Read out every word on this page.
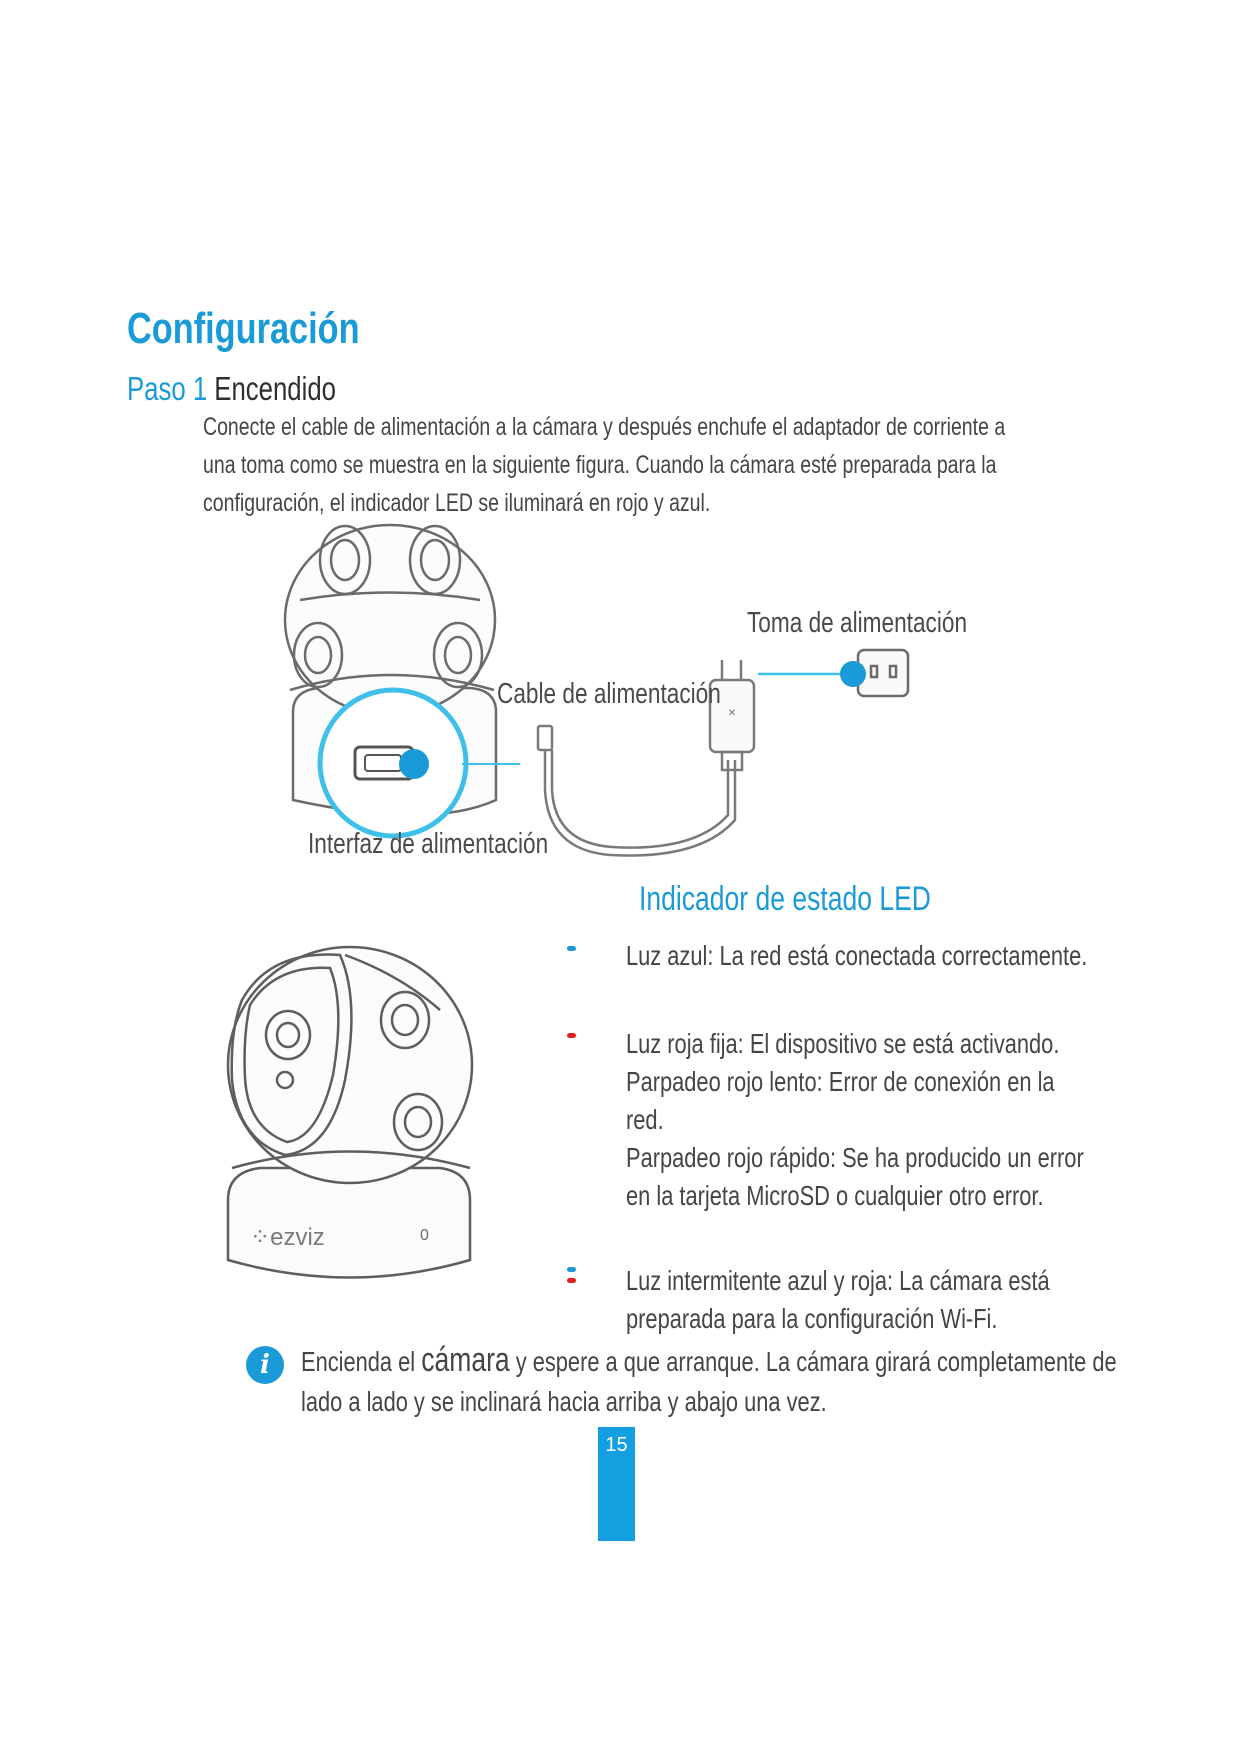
Configuración
Paso 1 Encendido
Conecte el cable de alimentación a la cámara y después enchufe el adaptador de corriente a
una toma como se muestra en la siguiente figura. Cuando la cámara esté preparada para la
configuración, el indicador LED se iluminará en rojo y azul.
✕
Toma de alimentación
Cable de alimentación
Interfaz de alimentación
⁘ezviz	0
Indicador de estado LED
Luz azul: La red está conectada correctamente.
Luz roja fija: El dispositivo se está activando.
Parpadeo rojo lento: Error de conexión en la
red.
Parpadeo rojo rápido: Se ha producido un error
en la tarjeta MicroSD o cualquier otro error.
Luz intermitente azul y roja: La cámara está
preparada para la configuración Wi-Fi.
i	Encienda el cámara y espere a que arranque. La cámara girará completamente de
lado a lado y se inclinará hacia arriba y abajo una vez.
15
